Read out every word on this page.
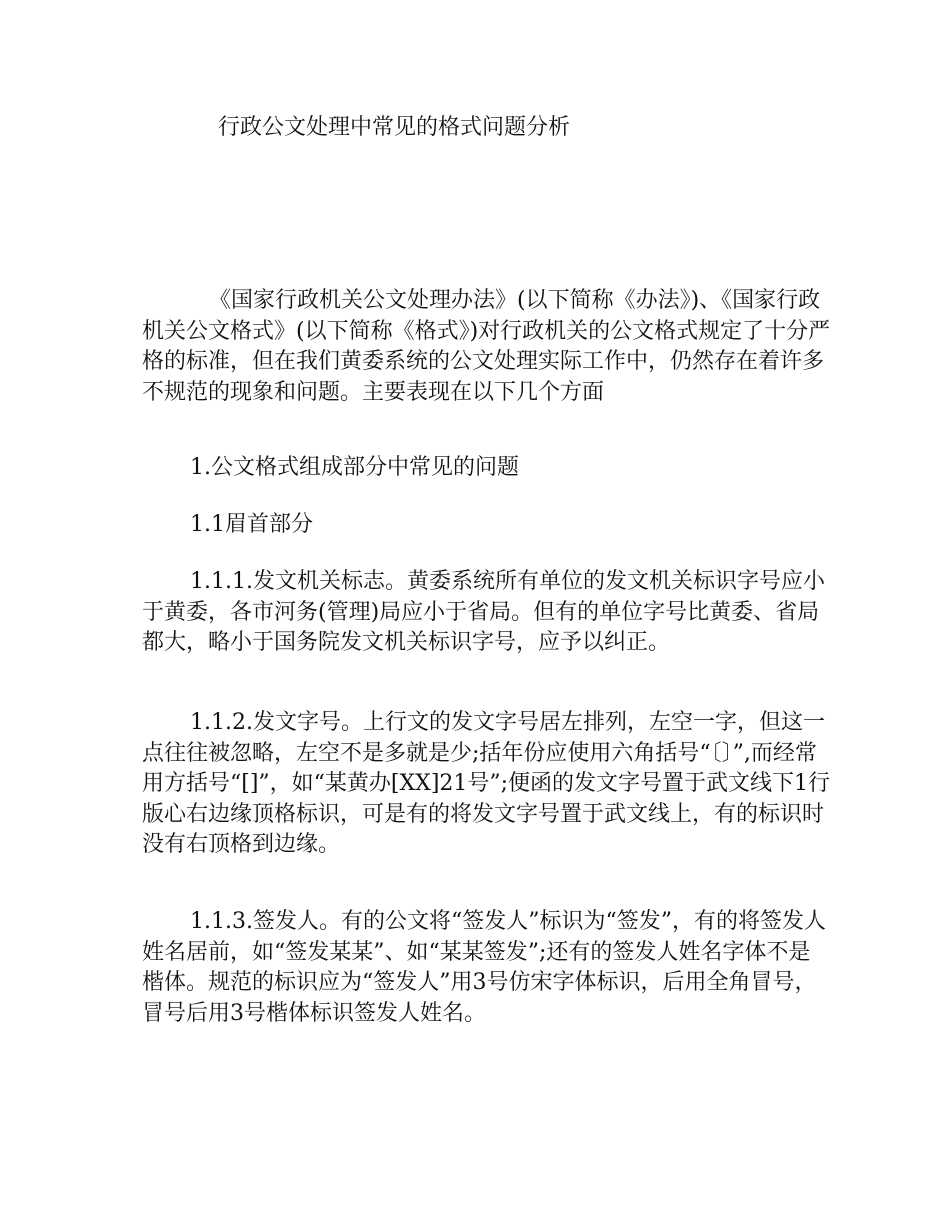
行政公文处理中常见的格式问题分析

《国家行政机关公文处理办法》(以下简称《办法》)、《国家行政机关公文格式》(以下简称《格式》)对行政机关的公文格式规定了十分严格的标准，但在我们黄委系统的公文处理实际工作中，仍然存在着许多不规范的现象和问题。主要表现在以下几个方面

1.公文格式组成部分中常见的问题

1.1眉首部分

1.1.1.发文机关标志。黄委系统所有单位的发文机关标识字号应小于黄委，各市河务(管理)局应小于省局。但有的单位字号比黄委、省局都大，略小于国务院发文机关标识字号，应予以纠正。

1.1.2.发文字号。上行文的发文字号居左排列，左空一字，但这一点往往被忽略，左空不是多就是少;括年份应使用六角括号“〔〕”,而经常用方括号“[]”，如“某黄办[XX]21号”;便函的发文字号置于武文线下1行版心右边缘顶格标识，可是有的将发文字号置于武文线上，有的标识时没有右顶格到边缘。

1.1.3.签发人。有的公文将“签发人”标识为“签发”，有的将签发人姓名居前，如“签发某某”、如“某某签发”;还有的签发人姓名字体不是楷体。规范的标识应为“签发人”用3号仿宋字体标识，后用全角冒号，冒号后用3号楷体标识签发人姓名。
